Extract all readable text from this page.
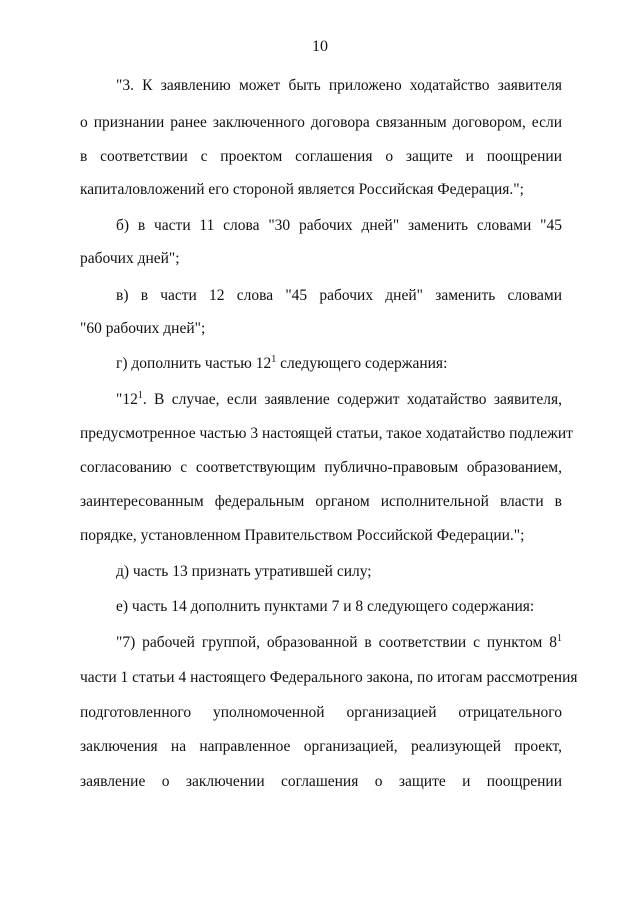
10
"3. К заявлению может быть приложено ходатайство заявителя
о признании ранее заключенного договора связанным договором, если
в соответствии с проектом соглашения о защите и поощрении
капиталовложений его стороной является Российская Федерация.";
б) в части 11 слова "30 рабочих дней" заменить словами "45
рабочих дней";
в) в части 12 слова "45 рабочих дней" заменить словами
"60 рабочих дней";
г) дополнить частью $12^1$ следующего содержания:
"$12^1$. В случае, если заявление содержит ходатайство заявителя,
предусмотренное частью 3 настоящей статьи, такое ходатайство подлежит
согласованию с соответствующим публично-правовым образованием,
заинтересованным федеральным органом исполнительной власти в
порядке, установленном Правительством Российской Федерации.";
д) часть 13 признать утратившей силу;
е) часть 14 дополнить пунктами 7 и 8 следующего содержания:
"7) рабочей группой, образованной в соответствии с пунктом $8^1$
части 1 статьи 4 настоящего Федерального закона, по итогам рассмотрения
подготовленного уполномоченной организацией отрицательного
заключения на направленное организацией, реализующей проект,
заявление о заключении соглашения о защите и поощрении
